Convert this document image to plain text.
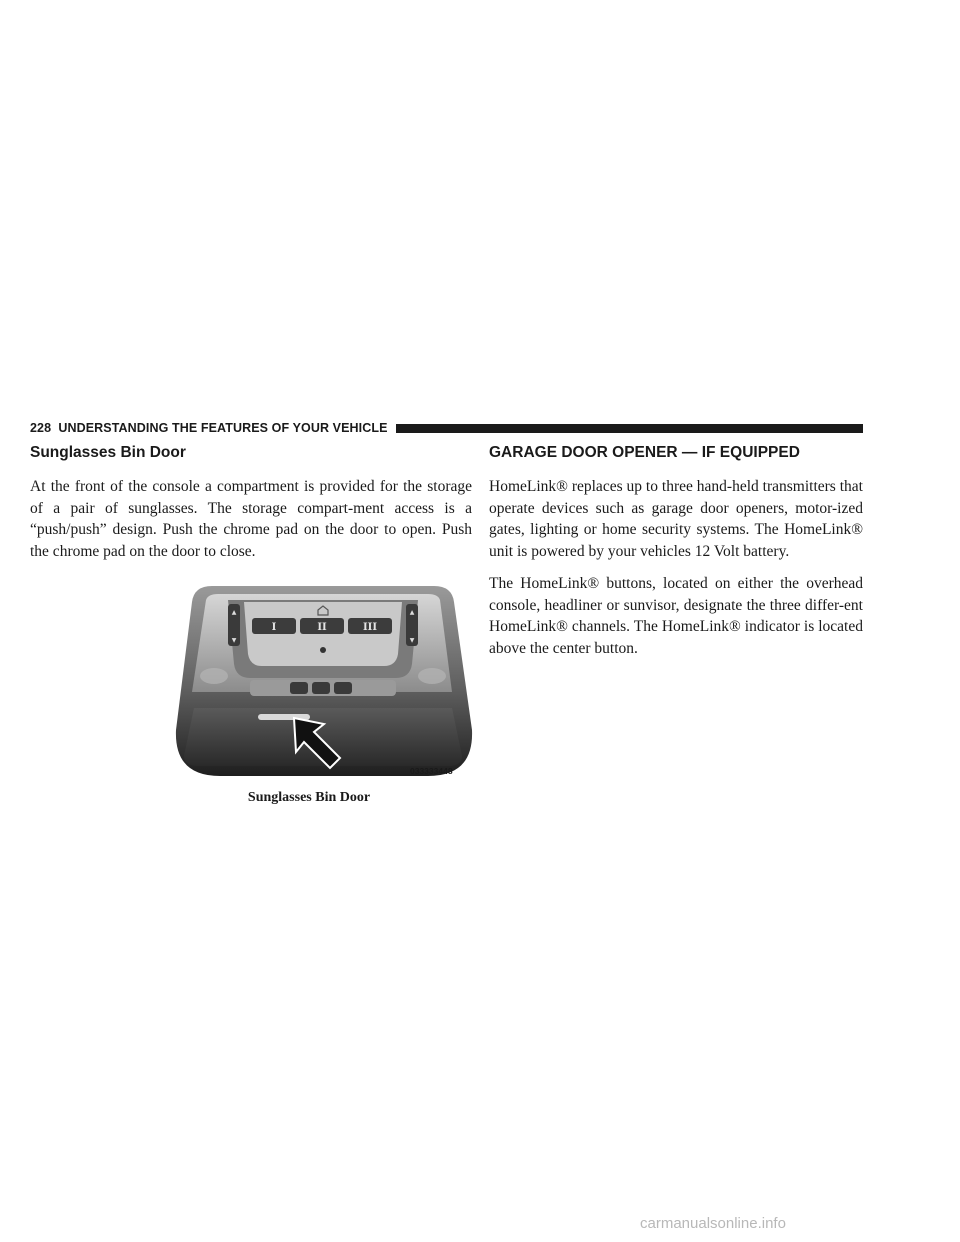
228 UNDERSTANDING THE FEATURES OF YOUR VEHICLE
Sunglasses Bin Door

At the front of the console a compartment is provided for the storage of a pair of sunglasses. The storage compart-ment access is a “push/push” design. Push the chrome pad on the door to open. Push the chrome pad on the door to close.

▲
▼
▲
▼
I	II	III
033333448
Sunglasses Bin Door
GARAGE DOOR OPENER — IF EQUIPPED

HomeLink® replaces up to three hand-held transmitters that operate devices such as garage door openers, motor-ized gates, lighting or home security systems. The HomeLink® unit is powered by your vehicles 12 Volt battery.

The HomeLink® buttons, located on either the overhead console, headliner or sunvisor, designate the three differ-ent HomeLink® channels. The HomeLink® indicator is located above the center button.

carmanualsonline.info
